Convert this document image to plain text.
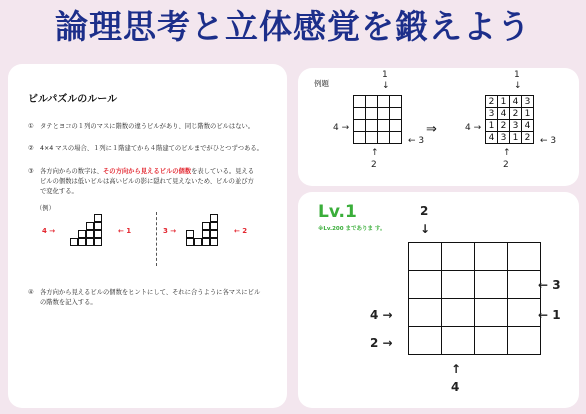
論理思考と立体感覚を鍛えよう
ビルパズルのルール
① タテとヨコの１列のマスに階数の違うビルがあり、同じ階数のビルはない。
② 4×4 マスの場合、１列に１階建てから４階建てのビルまでがひとつずつある。
③ 各方向からの数字は、その方向から見えるビルの個数を表している。見える
ビルの個数は低いビルは高いビルの影に隠れて見えないため、ビルの並び方
で変化する。
（例）
4 →	← 1	3 →	← 2
④ 各方向から見えるビルの個数をヒントにして、それに合うように各マスにビル
の階数を記入する。
例題
1
↓

4 →
← 3
↑
2
⇒
1
↓
2	1	4	3
3	4	2	1
1	2	3	4
4	3	1	2
4 →
← 3
↑
2
Lv.1
※Lv.200 までありま す。
2
↓

← 3
← 1
4 →
2 →
↑
4
